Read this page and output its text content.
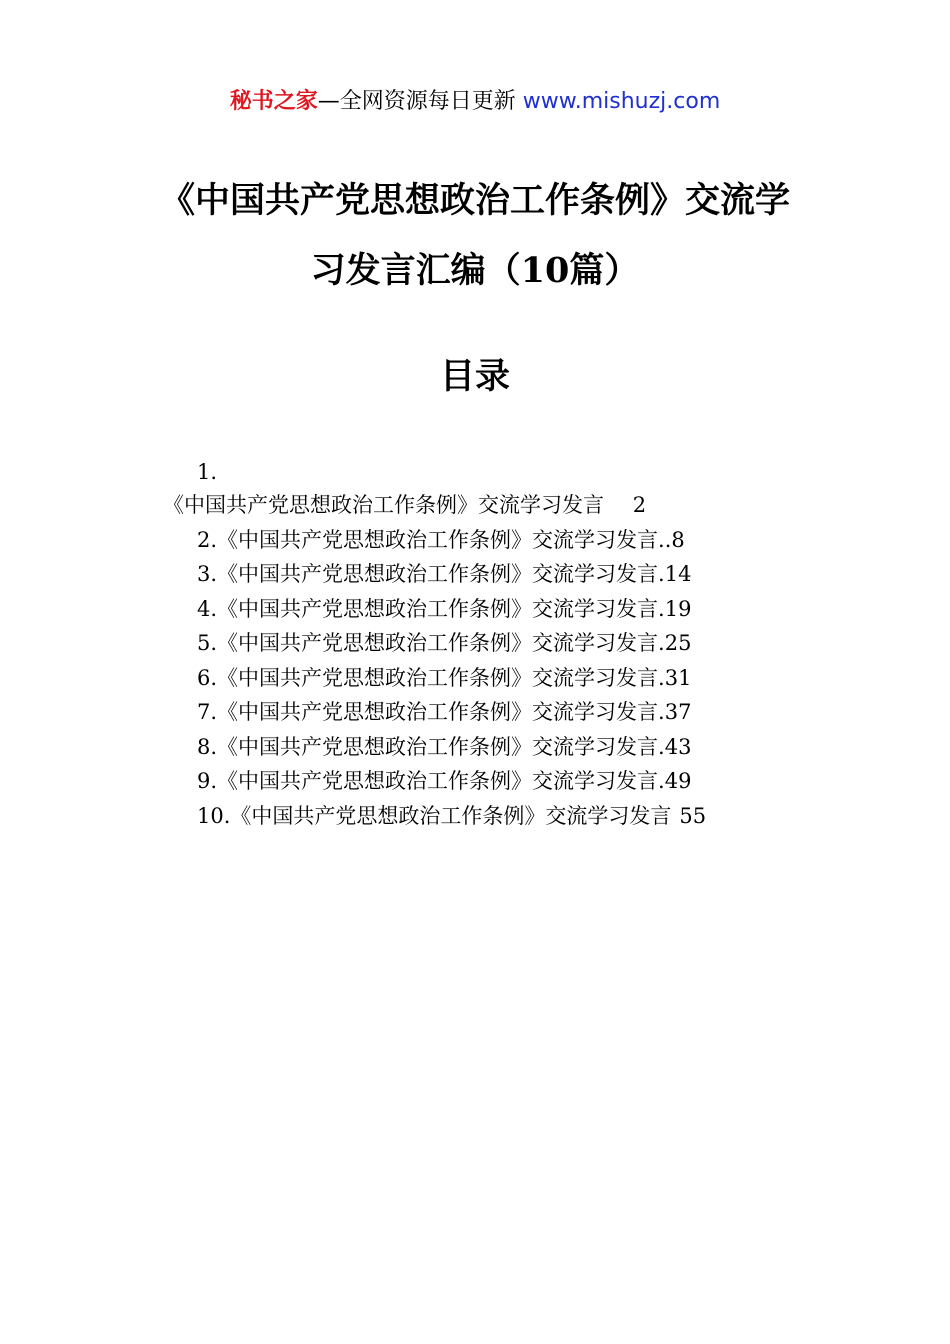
秘书之家—全网资源每日更新 www.mishuzj.com
《中国共产党思想政治工作条例》交流学
习发言汇编（10篇）
目录
1.
《中国共产党思想政治工作条例》交流学习发言 2
2.《中国共产党思想政治工作条例》交流学习发言..8
3.《中国共产党思想政治工作条例》交流学习发言.14
4.《中国共产党思想政治工作条例》交流学习发言.19
5.《中国共产党思想政治工作条例》交流学习发言.25
6.《中国共产党思想政治工作条例》交流学习发言.31
7.《中国共产党思想政治工作条例》交流学习发言.37
8.《中国共产党思想政治工作条例》交流学习发言.43
9.《中国共产党思想政治工作条例》交流学习发言.49
10.《中国共产党思想政治工作条例》交流学习发言 55
